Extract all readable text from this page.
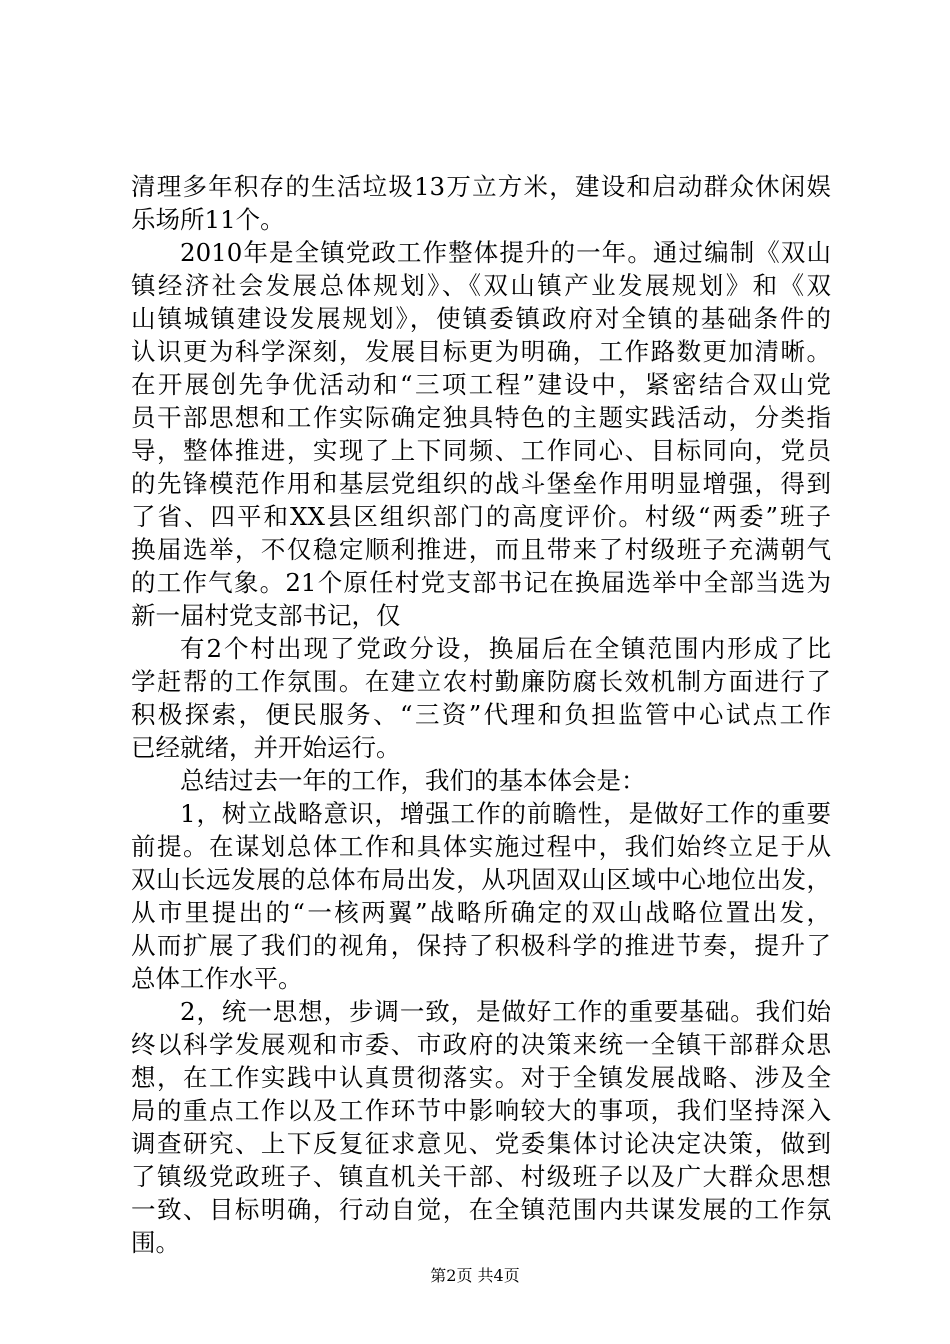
清理多年积存的生活垃圾13万立方米，建设和启动群众休闲娱
乐场所11个。
2010年是全镇党政工作整体提升的一年。通过编制《双山
镇经济社会发展总体规划》、《双山镇产业发展规划》和《双
山镇城镇建设发展规划》，使镇委镇政府对全镇的基础条件的
认识更为科学深刻，发展目标更为明确，工作路数更加清晰。
在开展创先争优活动和“三项工程”建设中，紧密结合双山党
员干部思想和工作实际确定独具特色的主题实践活动，分类指
导，整体推进，实现了上下同频、工作同心、目标同向，党员
的先锋模范作用和基层党组织的战斗堡垒作用明显增强，得到
了省、四平和XX县区组织部门的高度评价。村级“两委”班子
换届选举，不仅稳定顺利推进，而且带来了村级班子充满朝气
的工作气象。21个原任村党支部书记在换届选举中全部当选为
新一届村党支部书记，仅
有2个村出现了党政分设，换届后在全镇范围内形成了比
学赶帮的工作氛围。在建立农村勤廉防腐长效机制方面进行了
积极探索，便民服务、“三资”代理和负担监管中心试点工作
已经就绪，并开始运行。
总结过去一年的工作，我们的基本体会是：
1，树立战略意识，增强工作的前瞻性，是做好工作的重要
前提。在谋划总体工作和具体实施过程中，我们始终立足于从
双山长远发展的总体布局出发，从巩固双山区域中心地位出发，
从市里提出的“一核两翼”战略所确定的双山战略位置出发，
从而扩展了我们的视角，保持了积极科学的推进节奏，提升了
总体工作水平。
2，统一思想，步调一致，是做好工作的重要基础。我们始
终以科学发展观和市委、市政府的决策来统一全镇干部群众思
想，在工作实践中认真贯彻落实。对于全镇发展战略、涉及全
局的重点工作以及工作环节中影响较大的事项，我们坚持深入
调查研究、上下反复征求意见、党委集体讨论决定决策，做到
了镇级党政班子、镇直机关干部、村级班子以及广大群众思想
一致、目标明确，行动自觉，在全镇范围内共谋发展的工作氛
围。
第2页 共4页
